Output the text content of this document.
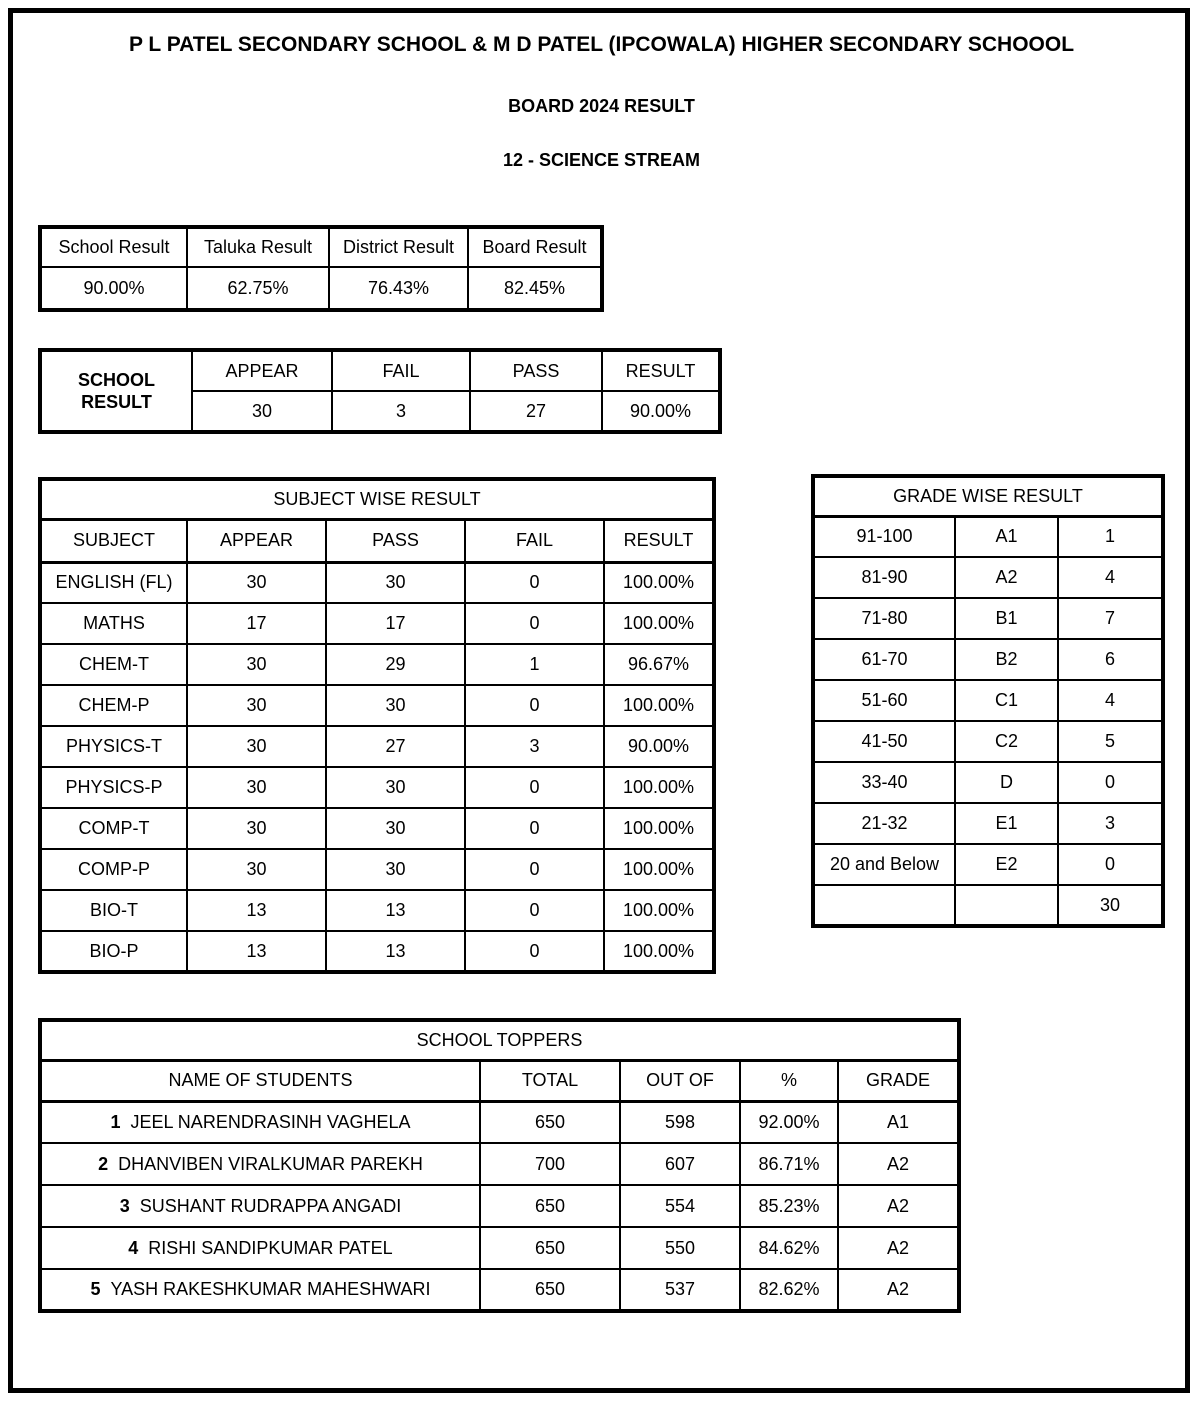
P L PATEL SECONDARY SCHOOL & M D PATEL (IPCOWALA) HIGHER SECONDARY SCHOOOL
BOARD 2024 RESULT
12 - SCIENCE STREAM
School Result	Taluka Result	District Result	Board Result
90.00%	62.75%	76.43%	82.45%
SCHOOL RESULT	APPEAR	FAIL	PASS	RESULT
	30	3	27	90.00%
SUBJECT WISE RESULT				
SUBJECT	APPEAR	PASS	FAIL	RESULT
ENGLISH (FL)	30	30	0	100.00%
MATHS	17	17	0	100.00%
CHEM-T	30	29	1	96.67%
CHEM-P	30	30	0	100.00%
PHYSICS-T	30	27	3	90.00%
PHYSICS-P	30	30	0	100.00%
COMP-T	30	30	0	100.00%
COMP-P	30	30	0	100.00%
BIO-T	13	13	0	100.00%
BIO-P	13	13	0	100.00%
GRADE WISE RESULT		
91-100	A1	1
81-90	A2	4
71-80	B1	7
61-70	B2	6
51-60	C1	4
41-50	C2	5
33-40	D	0
21-32	E1	3
20 and Below	E2	0
		30
SCHOOL TOPPERS				
NAME OF STUDENTS	TOTAL	OUT OF	%	GRADE
1 JEEL NARENDRASINH VAGHELA	650	598	92.00%	A1
2 DHANVIBEN VIRALKUMAR PAREKH	700	607	86.71%	A2
3 SUSHANT RUDRAPPA ANGADI	650	554	85.23%	A2
4 RISHI SANDIPKUMAR PATEL	650	550	84.62%	A2
5 YASH RAKESHKUMAR MAHESHWARI	650	537	82.62%	A2
